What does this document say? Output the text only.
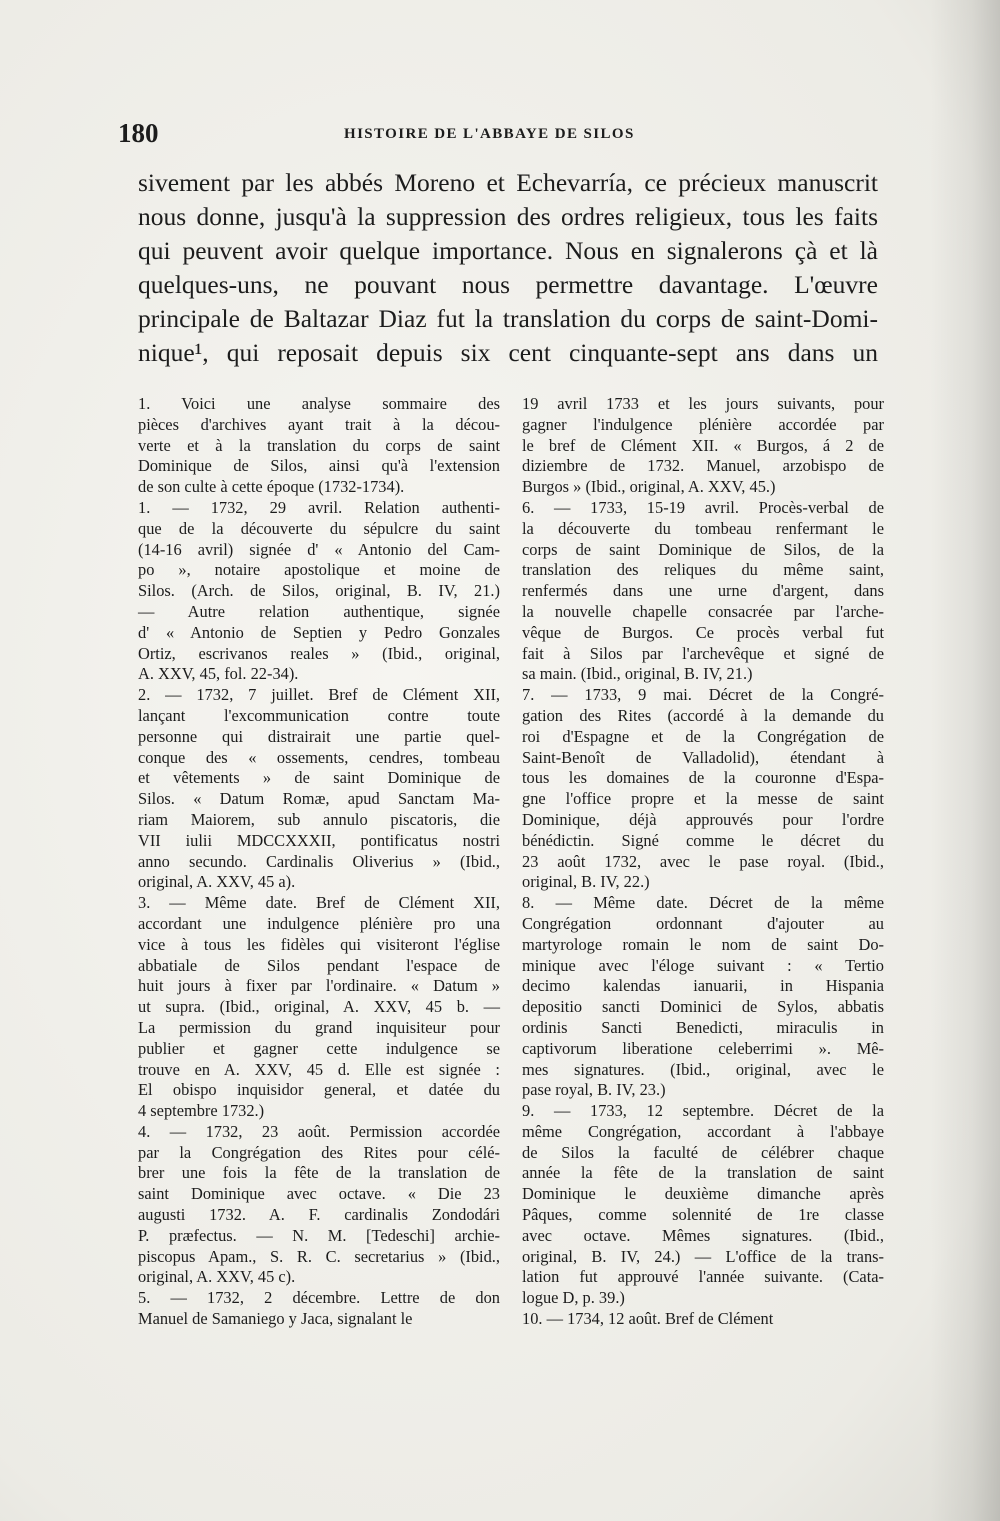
180	HISTOIRE DE L'ABBAYE DE SILOS
sivement par les abbés Moreno et Echevarría, ce précieux manuscrit
nous donne, jusqu'à la suppression des ordres religieux, tous les faits
qui peuvent avoir quelque importance. Nous en signalerons çà et là
quelques-uns, ne pouvant nous permettre davantage. L'œuvre
principale de Baltazar Diaz fut la translation du corps de saint-Domi-
nique¹, qui reposait depuis six cent cinquante-sept ans dans un
1. Voici une analyse sommaire des
pièces d'archives ayant trait à la décou-
verte et à la translation du corps de saint
Dominique de Silos, ainsi qu'à l'extension
de son culte à cette époque (1732-1734).
1. — 1732, 29 avril. Relation authenti-
que de la découverte du sépulcre du saint
(14-16 avril) signée d' « Antonio del Cam-
po », notaire apostolique et moine de
Silos. (Arch. de Silos, original, B. IV, 21.)
— Autre relation authentique, signée
d' « Antonio de Septien y Pedro Gonzales
Ortiz, escrivanos reales » (Ibid., original,
A. XXV, 45, fol. 22-34).
2. — 1732, 7 juillet. Bref de Clément XII,
lançant l'excommunication contre toute
personne qui distrairait une partie quel-
conque des « ossements, cendres, tombeau
et vêtements » de saint Dominique de
Silos. « Datum Romæ, apud Sanctam Ma-
riam Maiorem, sub annulo piscatoris, die
VII iulii MDCCXXXII, pontificatus nostri
anno secundo. Cardinalis Oliverius » (Ibid.,
original, A. XXV, 45 a).
3. — Même date. Bref de Clément XII,
accordant une indulgence plénière pro una
vice à tous les fidèles qui visiteront l'église
abbatiale de Silos pendant l'espace de
huit jours à fixer par l'ordinaire. « Datum »
ut supra. (Ibid., original, A. XXV, 45 b. —
La permission du grand inquisiteur pour
publier et gagner cette indulgence se
trouve en A. XXV, 45 d. Elle est signée :
El obispo inquisidor general, et datée du
4 septembre 1732.)
4. — 1732, 23 août. Permission accordée
par la Congrégation des Rites pour célé-
brer une fois la fête de la translation de
saint Dominique avec octave. « Die 23
augusti 1732. A. F. cardinalis Zondodári
P. præfectus. — N. M. [Tedeschi] archie-
piscopus Apam., S. R. C. secretarius » (Ibid.,
original, A. XXV, 45 c).
5. — 1732, 2 décembre. Lettre de don
Manuel de Samaniego y Jaca, signalant le
19 avril 1733 et les jours suivants, pour
gagner l'indulgence plénière accordée par
le bref de Clément XII. « Burgos, á 2 de
diziembre de 1732. Manuel, arzobispo de
Burgos » (Ibid., original, A. XXV, 45.)
6. — 1733, 15-19 avril. Procès-verbal de
la découverte du tombeau renfermant le
corps de saint Dominique de Silos, de la
translation des reliques du même saint,
renfermés dans une urne d'argent, dans
la nouvelle chapelle consacrée par l'arche-
vêque de Burgos. Ce procès verbal fut
fait à Silos par l'archevêque et signé de
sa main. (Ibid., original, B. IV, 21.)
7. — 1733, 9 mai. Décret de la Congré-
gation des Rites (accordé à la demande du
roi d'Espagne et de la Congrégation de
Saint-Benoît de Valladolid), étendant à
tous les domaines de la couronne d'Espa-
gne l'office propre et la messe de saint
Dominique, déjà approuvés pour l'ordre
bénédictin. Signé comme le décret du
23 août 1732, avec le pase royal. (Ibid.,
original, B. IV, 22.)
8. — Même date. Décret de la même
Congrégation ordonnant d'ajouter au
martyrologe romain le nom de saint Do-
minique avec l'éloge suivant : « Tertio
decimo kalendas ianuarii, in Hispania
depositio sancti Dominici de Sylos, abbatis
ordinis Sancti Benedicti, miraculis in
captivorum liberatione celeberrimi ». Mê-
mes signatures. (Ibid., original, avec le
pase royal, B. IV, 23.)
9. — 1733, 12 septembre. Décret de la
même Congrégation, accordant à l'abbaye
de Silos la faculté de célébrer chaque
année la fête de la translation de saint
Dominique le deuxième dimanche après
Pâques, comme solennité de 1re classe
avec octave. Mêmes signatures. (Ibid.,
original, B. IV, 24.) — L'office de la trans-
lation fut approuvé l'année suivante. (Cata-
logue D, p. 39.)
10. — 1734, 12 août. Bref de Clément
